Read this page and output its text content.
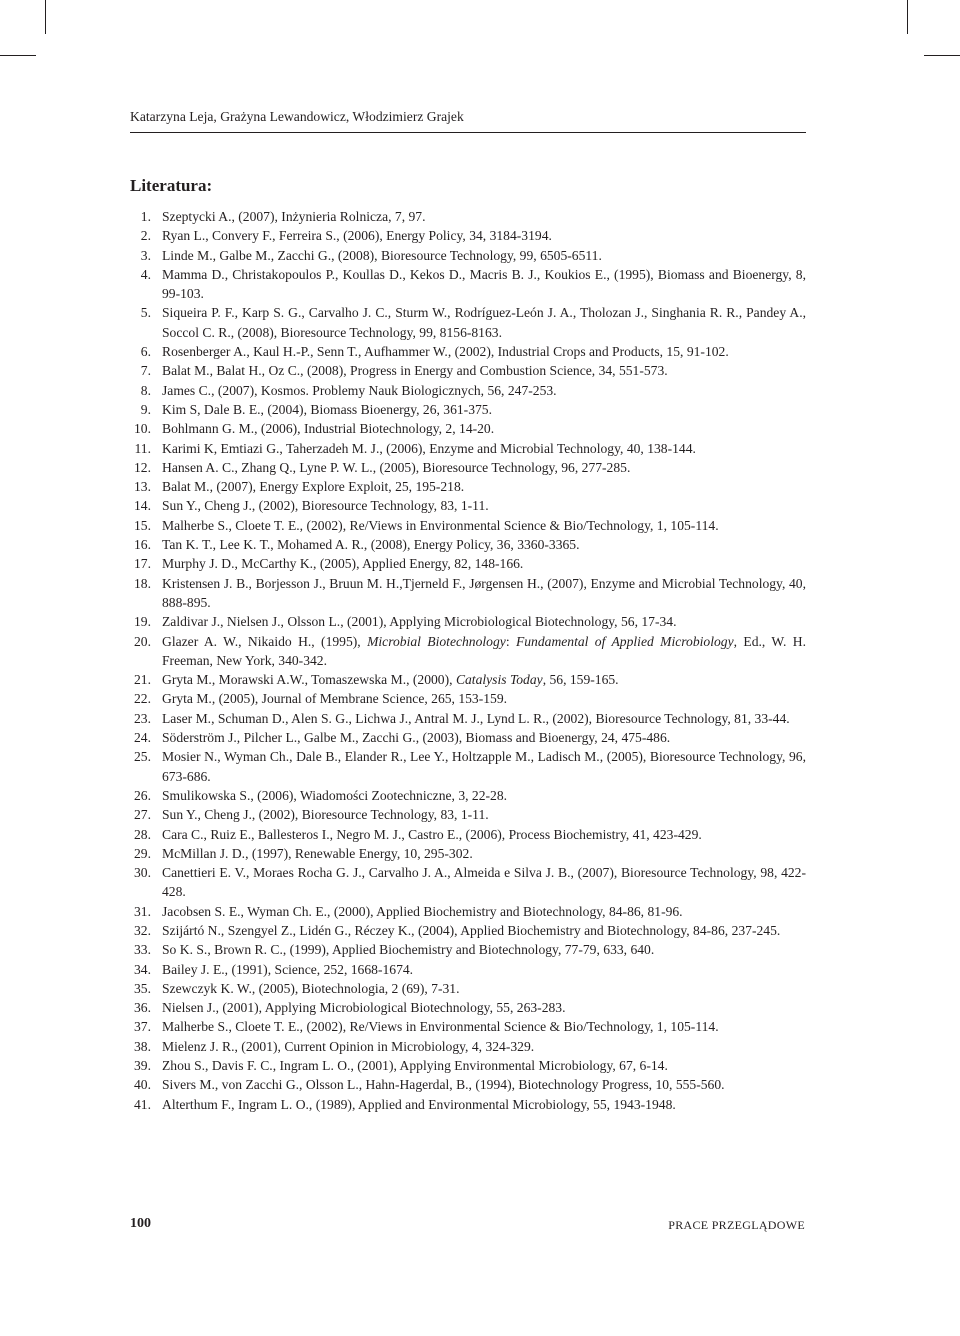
Katarzyna Leja, Grażyna Lewandowicz, Włodzimierz Grajek
Literatura:
1. Szeptycki A., (2007), Inżynieria Rolnicza, 7, 97.
2. Ryan L., Convery F., Ferreira S., (2006), Energy Policy, 34, 3184-3194.
3. Linde M., Galbe M., Zacchi G., (2008), Bioresource Technology, 99, 6505-6511.
4. Mamma D., Christakopoulos P., Koullas D., Kekos D., Macris B. J., Koukios E., (1995), Biomass and Bioenergy, 8, 99-103.
5. Siqueira P. F., Karp S. G., Carvalho J. C., Sturm W., Rodríguez-León J. A., Tholozan J., Singhania R. R., Pandey A., Soccol C. R., (2008), Bioresource Technology, 99, 8156-8163.
6. Rosenberger A., Kaul H.-P., Senn T., Aufhammer W., (2002), Industrial Crops and Products, 15, 91-102.
7. Balat M., Balat H., Oz C., (2008), Progress in Energy and Combustion Science, 34, 551-573.
8. James C., (2007), Kosmos. Problemy Nauk Biologicznych, 56, 247-253.
9. Kim S, Dale B. E., (2004), Biomass Bioenergy, 26, 361-375.
10. Bohlmann G. M., (2006), Industrial Biotechnology, 2, 14-20.
11. Karimi K, Emtiazi G., Taherzadeh M. J., (2006), Enzyme and Microbial Technology, 40, 138-144.
12. Hansen A. C., Zhang Q., Lyne P. W. L., (2005), Bioresource Technology, 96, 277-285.
13. Balat M., (2007), Energy Explore Exploit, 25, 195-218.
14. Sun Y., Cheng J., (2002), Bioresource Technology, 83, 1-11.
15. Malherbe S., Cloete T. E., (2002), Re/Views in Environmental Science & Bio/Technology, 1, 105-114.
16. Tan K. T., Lee K. T., Mohamed A. R., (2008), Energy Policy, 36, 3360-3365.
17. Murphy J. D., McCarthy K., (2005), Applied Energy, 82, 148-166.
18. Kristensen J. B., Borjesson J., Bruun M. H.,Tjerneld F., Jørgensen H., (2007), Enzyme and Microbial Technology, 40, 888-895.
19. Zaldivar J., Nielsen J., Olsson L., (2001), Applying Microbiological Biotechnology, 56, 17-34.
20. Glazer A. W., Nikaido H., (1995), Microbial Biotechnology: Fundamental of Applied Microbiology, Ed., W. H. Freeman, New York, 340-342.
21. Gryta M., Morawski A.W., Tomaszewska M., (2000), Catalysis Today, 56, 159-165.
22. Gryta M., (2005), Journal of Membrane Science, 265, 153-159.
23. Laser M., Schuman D., Alen S. G., Lichwa J., Antral M. J., Lynd L. R., (2002), Bioresource Technology, 81, 33-44.
24. Söderström J., Pilcher L., Galbe M., Zacchi G., (2003), Biomass and Bioenergy, 24, 475-486.
25. Mosier N., Wyman Ch., Dale B., Elander R., Lee Y., Holtzapple M., Ladisch M., (2005), Bioresource Technology, 96, 673-686.
26. Smulikowska S., (2006), Wiadomości Zootechniczne, 3, 22-28.
27. Sun Y., Cheng J., (2002), Bioresource Technology, 83, 1-11.
28. Cara C., Ruiz E., Ballesteros I., Negro M. J., Castro E., (2006), Process Biochemistry, 41, 423-429.
29. McMillan J. D., (1997), Renewable Energy, 10, 295-302.
30. Canettieri E. V., Moraes Rocha G. J., Carvalho J. A., Almeida e Silva J. B., (2007), Bioresource Technology, 98, 422-428.
31. Jacobsen S. E., Wyman Ch. E., (2000), Applied Biochemistry and Biotechnology, 84-86, 81-96.
32. Szijártó N., Szengyel Z., Lidén G., Réczey K., (2004), Applied Biochemistry and Biotechnology, 84-86, 237-245.
33. So K. S., Brown R. C., (1999), Applied Biochemistry and Biotechnology, 77-79, 633, 640.
34. Bailey J. E., (1991), Science, 252, 1668-1674.
35. Szewczyk K. W., (2005), Biotechnologia, 2 (69), 7-31.
36. Nielsen J., (2001), Applying Microbiological Biotechnology, 55, 263-283.
37. Malherbe S., Cloete T. E., (2002), Re/Views in Environmental Science & Bio/Technology, 1, 105-114.
38. Mielenz J. R., (2001), Current Opinion in Microbiology, 4, 324-329.
39. Zhou S., Davis F. C., Ingram L. O., (2001), Applying Environmental Microbiology, 67, 6-14.
40. Sivers M., von Zacchi G., Olsson L., Hahn-Hagerdal, B., (1994), Biotechnology Progress, 10, 555-560.
41. Alterthum F., Ingram L. O., (1989), Applied and Environmental Microbiology, 55, 1943-1948.
100	PRACE PRZEGLĄDOWE
